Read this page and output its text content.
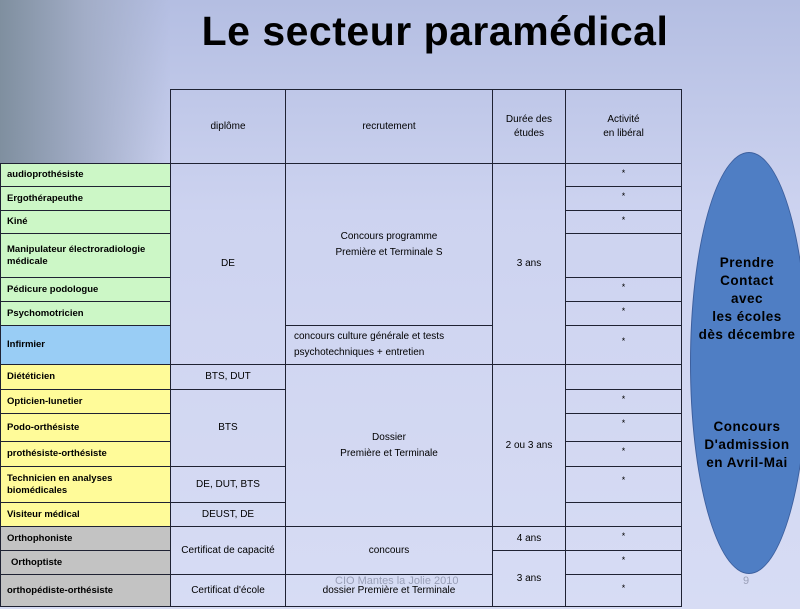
Le secteur paramédical
diplôme	recrutement
Durée des
études
Activité
en libéral
audioprothésiste
Ergothérapeuthe
Kiné
Manipulateur électroradiologie
médicale
Pédicure podologue
Psychomotricien
Infirmier
Diététicien
Opticien-lunetier
Podo-orthésiste
prothésiste-orthésiste
Technicien en analyses
biomédicales
Visiteur médical
Orthophoniste
Orthoptiste
orthopédiste-orthésiste
DE
BTS, DUT
BTS
DE, DUT, BTS
DEUST, DE
Certificat de capacité
Certificat d'école
Concours programme
Première et Terminale S
concours culture générale et tests
psychotechniques + entretien
Dossier
Première et Terminale
concours
dossier Première et Terminale
3 ans
2 ou 3 ans
4 ans
3 ans
*
*
*
*
*
*
*
*
*
*
*
*
*
Prendre
Contact
avec
les écoles
dès décembre
Concours
D'admission
en Avril-Mai
CIO Mantes la Jolie 2010	9
